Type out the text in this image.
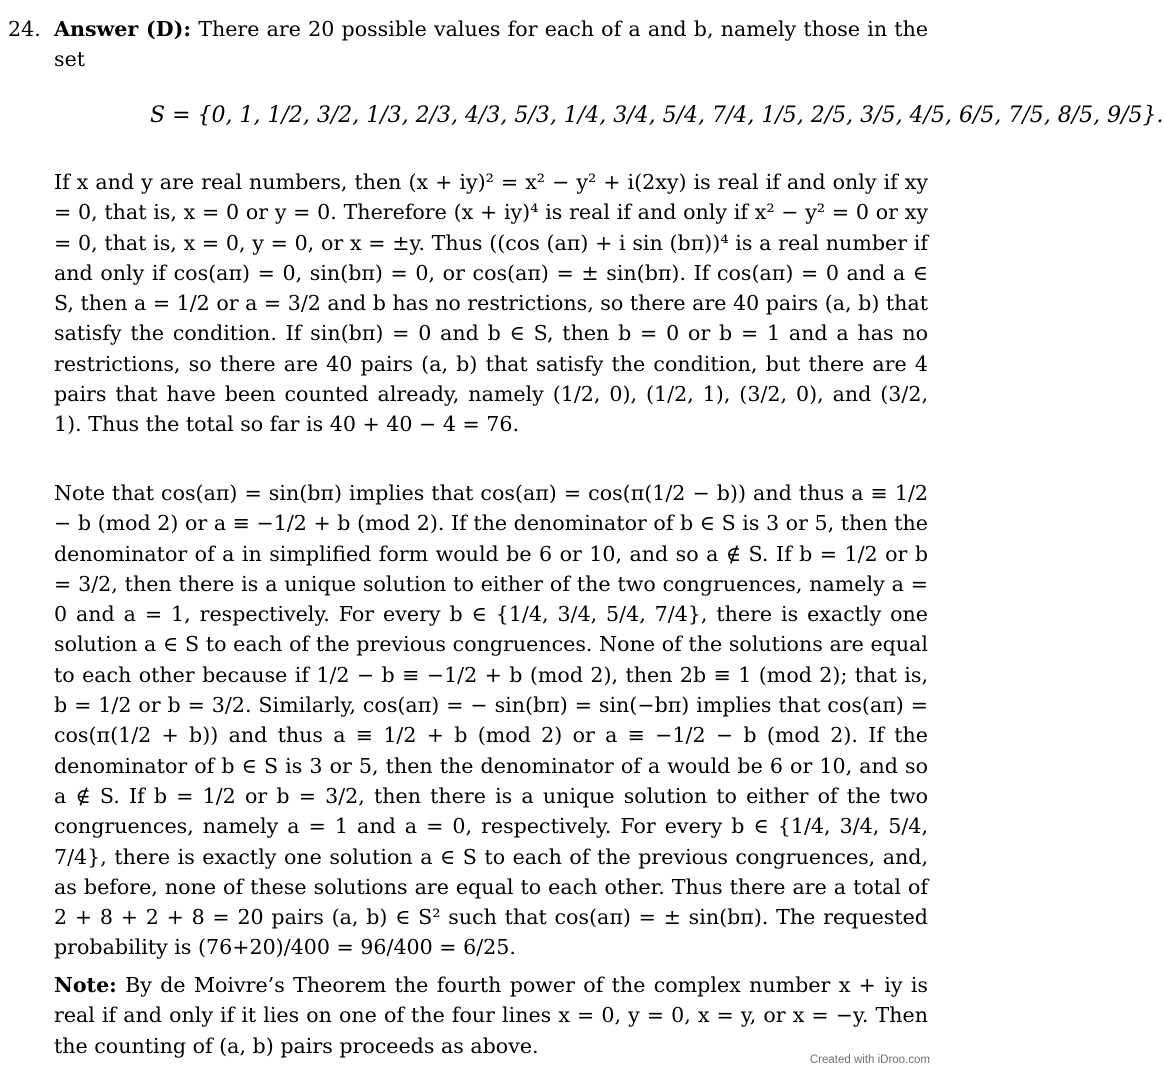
24. Answer (D): There are 20 possible values for each of a and b, namely those in the set

S = {0, 1, 1/2, 3/2, 1/3, 2/3, 4/3, 5/3, 1/4, 3/4, 5/4, 7/4, 1/5, 2/5, 3/5, 4/5, 6/5, 7/5, 8/5, 9/5}.

If x and y are real numbers, then (x + iy)² = x² − y² + i(2xy) is real if and only if xy = 0, that is, x = 0 or y = 0. Therefore (x + iy)⁴ is real if and only if x² − y² = 0 or xy = 0, that is, x = 0, y = 0, or x = ±y. Thus ((cos (aπ) + i sin (bπ))⁴ is a real number if and only if cos(aπ) = 0, sin(bπ) = 0, or cos(aπ) = ± sin(bπ). If cos(aπ) = 0 and a ∈ S, then a = 1/2 or a = 3/2 and b has no restrictions, so there are 40 pairs (a, b) that satisfy the condition. If sin(bπ) = 0 and b ∈ S, then b = 0 or b = 1 and a has no restrictions, so there are 40 pairs (a, b) that satisfy the condition, but there are 4 pairs that have been counted already, namely (1/2, 0), (1/2, 1), (3/2, 0), and (3/2, 1). Thus the total so far is 40 + 40 − 4 = 76.

Note that cos(aπ) = sin(bπ) implies that cos(aπ) = cos(π(1/2 − b)) and thus a ≡ 1/2 − b (mod 2) or a ≡ −1/2 + b (mod 2). If the denominator of b ∈ S is 3 or 5, then the denominator of a in simplified form would be 6 or 10, and so a ∉ S. If b = 1/2 or b = 3/2, then there is a unique solution to either of the two congruences, namely a = 0 and a = 1, respectively. For every b ∈ {1/4, 3/4, 5/4, 7/4}, there is exactly one solution a ∈ S to each of the previous congruences. None of the solutions are equal to each other because if 1/2 − b ≡ −1/2 + b (mod 2), then 2b ≡ 1 (mod 2); that is, b = 1/2 or b = 3/2. Similarly, cos(aπ) = − sin(bπ) = sin(−bπ) implies that cos(aπ) = cos(π(1/2 + b)) and thus a ≡ 1/2 + b (mod 2) or a ≡ −1/2 − b (mod 2). If the denominator of b ∈ S is 3 or 5, then the denominator of a would be 6 or 10, and so a ∉ S. If b = 1/2 or b = 3/2, then there is a unique solution to either of the two congruences, namely a = 1 and a = 0, respectively. For every b ∈ {1/4, 3/4, 5/4, 7/4}, there is exactly one solution a ∈ S to each of the previous congruences, and, as before, none of these solutions are equal to each other. Thus there are a total of 2 + 8 + 2 + 8 = 20 pairs (a, b) ∈ S² such that cos(aπ) = ± sin(bπ). The requested probability is (76+20)/400 = 96/400 = 6/25.

Note: By de Moivre’s Theorem the fourth power of the complex number x + iy is real if and only if it lies on one of the four lines x = 0, y = 0, x = y, or x = −y. Then the counting of (a, b) pairs proceeds as above.

Created with iDroo.com
